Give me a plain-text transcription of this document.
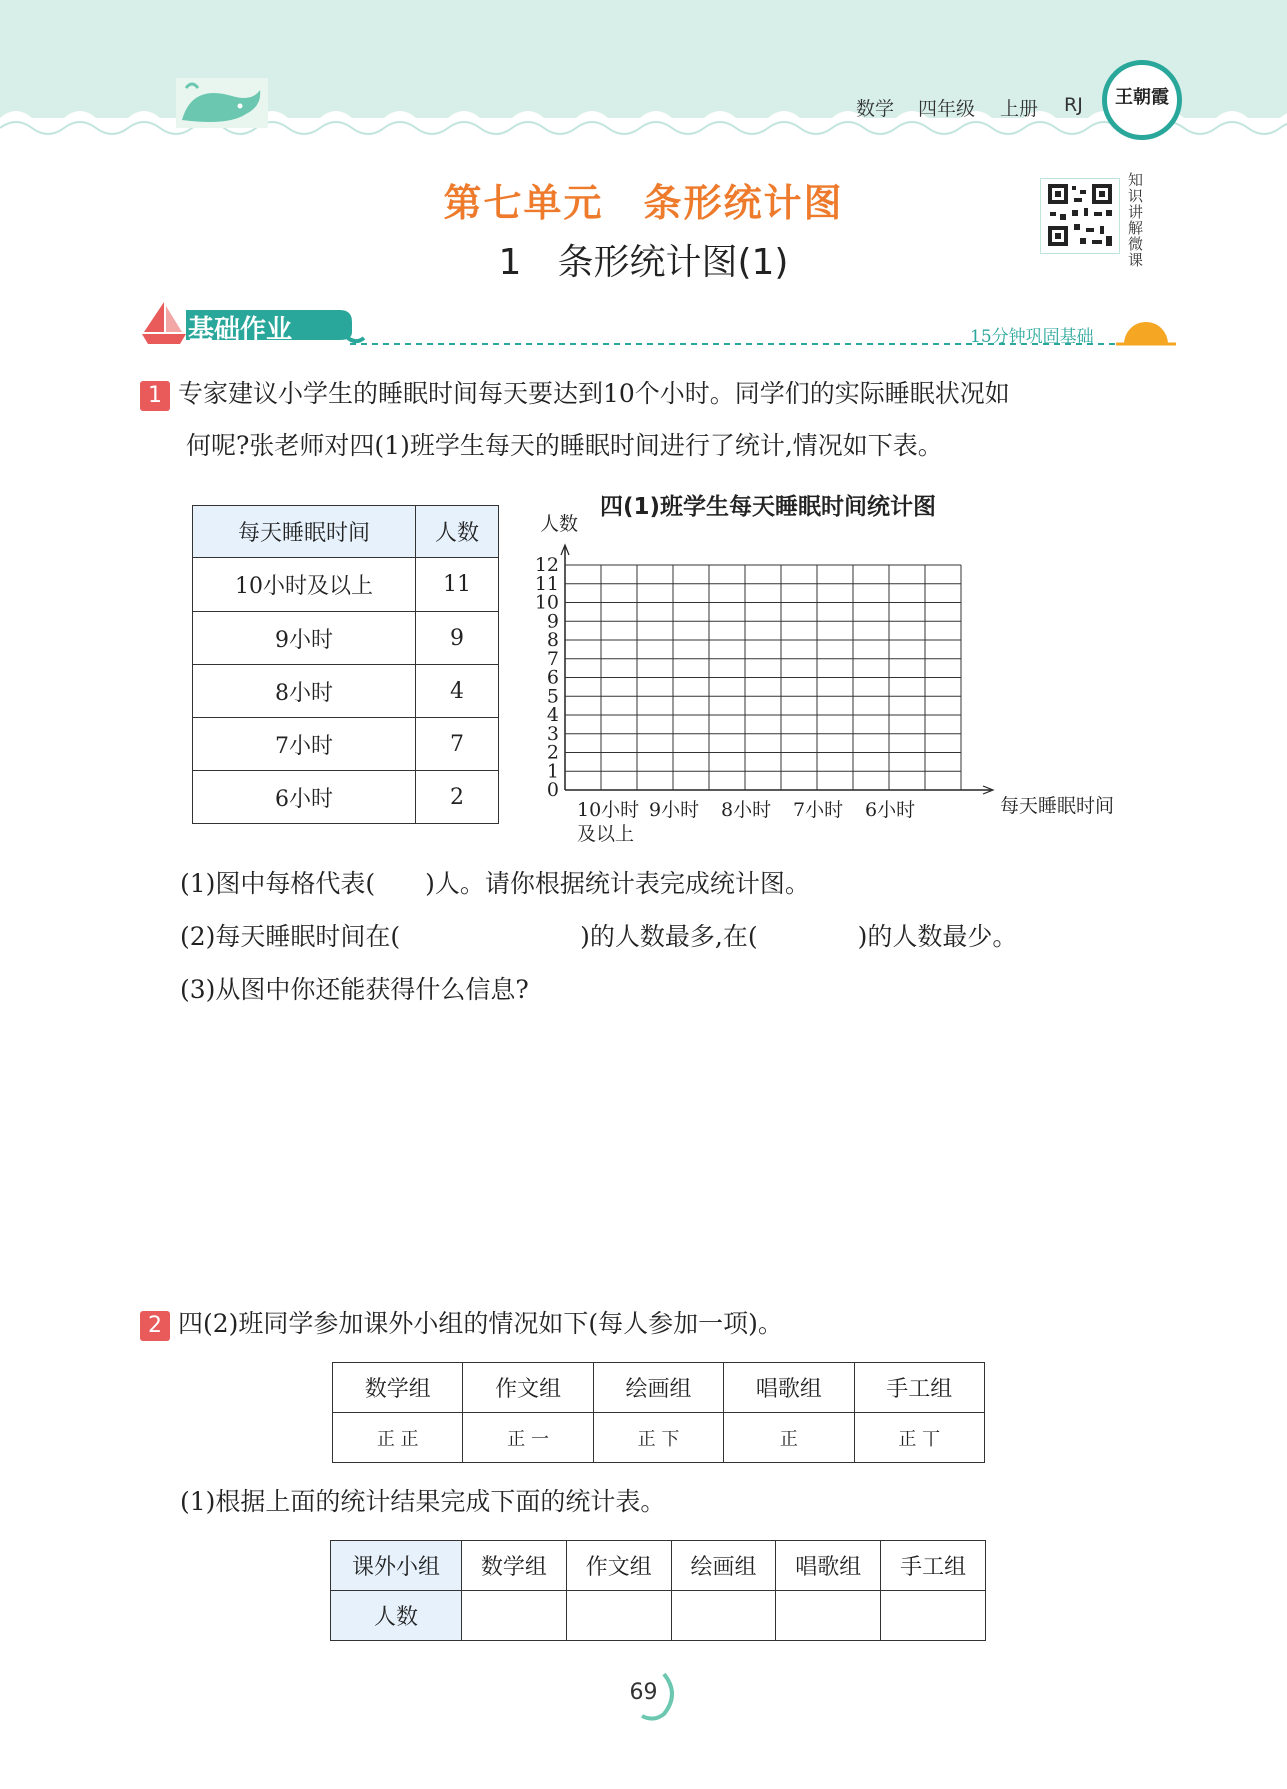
数学 四年级 上册 RJ	王朝霞
第七单元　条形统计图
1　条形统计图(1)
知识讲解微课
基础作业	15分钟巩固基础
1 专家建议小学生的睡眠时间每天要达到10个小时。同学们的实际睡眠状况如
何呢?张老师对四(1)班学生每天的睡眠时间进行了统计,情况如下表。
每天睡眠时间	人数
10小时及以上	11
9小时	9
8小时	4
7小时	7
6小时	2
四(1)班学生每天睡眠时间统计图
人数
0
1
2
3
4
5
6
7
8
9
10
11
12
10小时
及以上
9小时 8小时 7小时 6小时	每天睡眠时间
(1)图中每格代表(　　)人。请你根据统计表完成统计图。
(2)每天睡眠时间在(	)的人数最多,在(	)的人数最少。
(3)从图中你还能获得什么信息?
2 四(2)班同学参加课外小组的情况如下(每人参加一项)。
数学组	作文组	绘画组	唱歌组	手工组
正 正	正 一	正 下	正	正 丅
(1)根据上面的统计结果完成下面的统计表。
课外小组	数学组	作文组	绘画组	唱歌组	手工组
人数					
69
